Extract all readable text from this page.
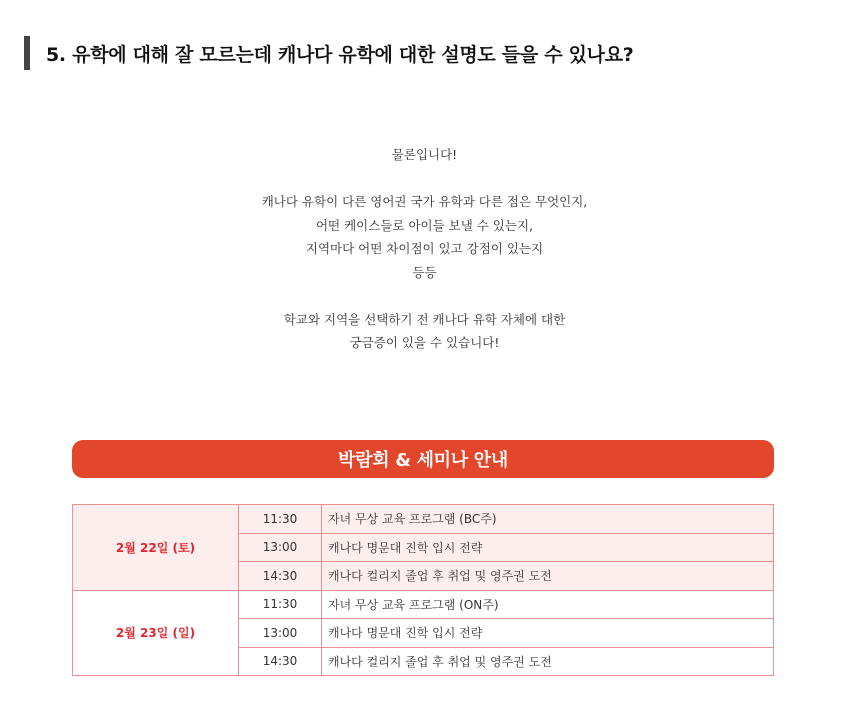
5. 유학에 대해 잘 모르는데 캐나다 유학에 대한 설명도 들을 수 있나요?
물론입니다!
캐나다 유학이 다른 영어권 국가 유학과 다른 점은 무엇인지,
어떤 케이스들로 아이들 보낼 수 있는지,
지역마다 어떤 차이점이 있고 강점이 있는지
등등
학교와 지역을 선택하기 전 캐나다 유학 자체에 대한
궁금증이 있을 수 있습니다!
박람회 & 세미나 안내
2월 22일 (토)	11:30	자녀 무상 교육 프로그램 (BC주)
	13:00	캐나다 명문대 진학 입시 전략
	14:30	캐나다 컬리지 졸업 후 취업 및 영주권 도전
2월 23일 (일)	11:30	자녀 무상 교육 프로그램 (ON주)
	13:00	캐나다 명문대 진학 입시 전략
	14:30	캐나다 컬리지 졸업 후 취업 및 영주권 도전
